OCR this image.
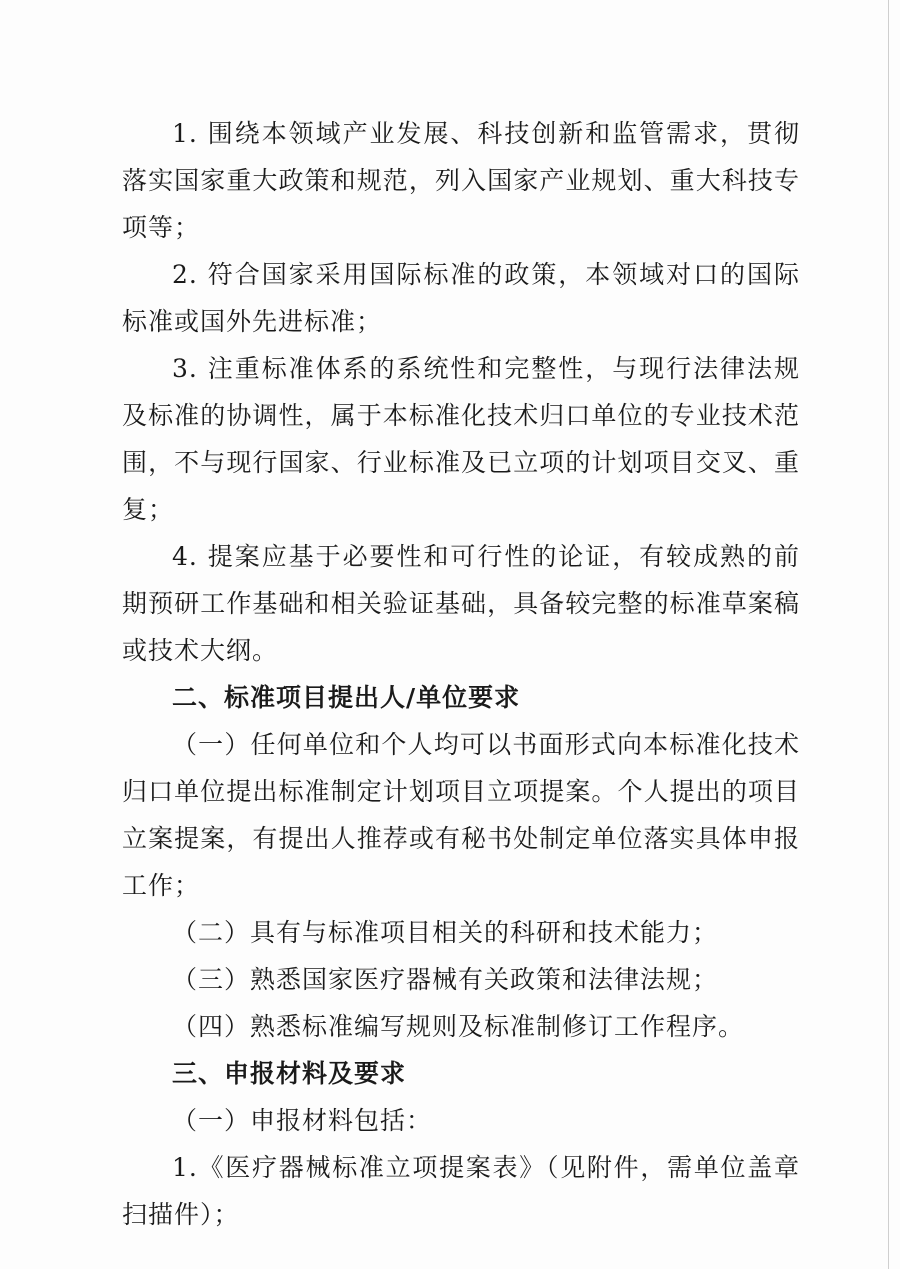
1. 围绕本领域产业发展、科技创新和监管需求，贯彻落实国家重大政策和规范，列入国家产业规划、重大科技专项等；

2. 符合国家采用国际标准的政策，本领域对口的国际标准或国外先进标准；

3. 注重标准体系的系统性和完整性，与现行法律法规及标准的协调性，属于本标准化技术归口单位的专业技术范围，不与现行国家、行业标准及已立项的计划项目交叉、重复；

4. 提案应基于必要性和可行性的论证，有较成熟的前期预研工作基础和相关验证基础，具备较完整的标准草案稿或技术大纲。

二、标准项目提出人/单位要求

（一）任何单位和个人均可以书面形式向本标准化技术归口单位提出标准制定计划项目立项提案。个人提出的项目立案提案，有提出人推荐或有秘书处制定单位落实具体申报工作；

（二）具有与标准项目相关的科研和技术能力；

（三）熟悉国家医疗器械有关政策和法律法规；

（四）熟悉标准编写规则及标准制修订工作程序。

三、申报材料及要求

（一）申报材料包括：

1.《医疗器械标准立项提案表》（见附件，需单位盖章扫描件）；
